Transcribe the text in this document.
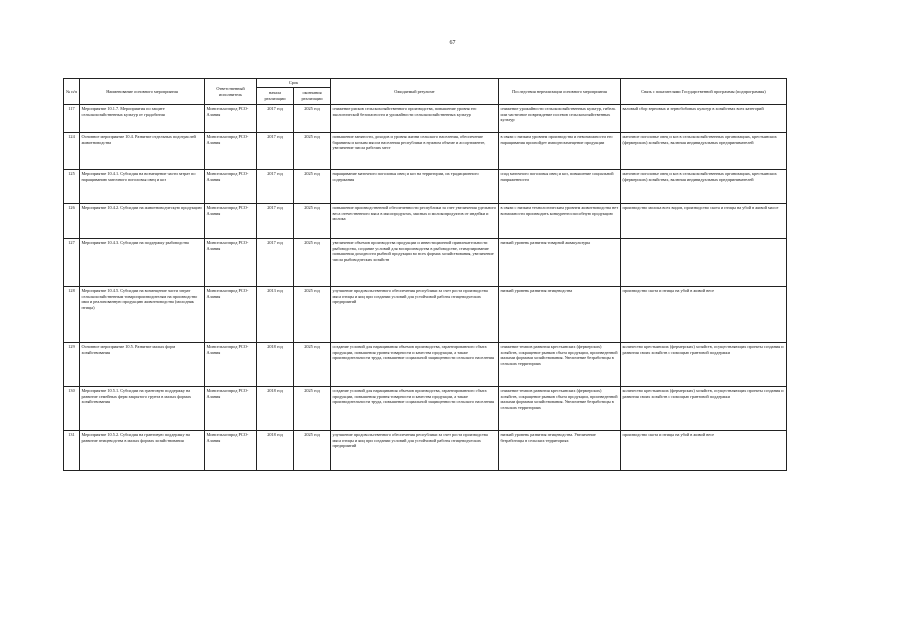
67
№ п/п	Наименование основного мероприятия	Ответственный исполнитель	Срок		Ожидаемый результат	Последствия нереализации основного мероприятия	Связь с показателями Государственной программы (подпрограммы)
			начала реализации	окончания реализации			
117	Мероприятие 10.1.7. Мероприятия по защите сельскохозяйственных культур от градобития	Минсельхозпрод РСО-Алания	2017 год	2025 год	снижение рисков сельскохозяйственного производства, повышение уровня его экологической безопасности и урожайности сельскохозяйственных культур	снижение урожайности сельскохозяйственных культур, гибель или частичное повреждение посевов сельскохозяйственных культур	валовый сбор зерновых и зернобобовых культур в хозяйствах всех категорий
124	Основное мероприятие 10.4. Развитие отдельных подотраслей животноводства	Минсельхозпрод РСО-Алания	2017 год	2025 год	повышение занятости, доходов и уровня жизни сельского населения, обеспечение баранины и козьим мясом населения республики в нужном объеме и ассортименте, увеличение числа рабочих мест	в связи с низким уровнем производства и невозможности его наращивания произойдет импортозамещение продукции	маточное поголовье овец и коз в сельскохозяйственных организациях, крестьянских (фермерских) хозяйствах, включая индивидуальных предпринимателей
125	Мероприятие 10.4.1. Субсидия на возмещение части затрат по наращиванию маточного поголовья овец и коз	Минсельхозпрод РСО-Алания	2017 год	2025 год	наращивание маточного поголовья овец и коз на территории, их традиционного содержания	спад маточного поголовья овец и коз, повышение социальной напряженности	маточное поголовье овец и коз в сельскохозяйственных организациях, крестьянских (фермерских) хозяйствах, включая индивидуальных предпринимателей
126	Мероприятие 10.4.2. Субсидии на животноводческую продукцию	Минсельхозпрод РСО-Алания	2017 год	2025 год	повышение производственной обеспеченности республики за счет увеличения удельного веса отечественного мяса в мясопродуктах, мясных и молокопродуктов от индейки и молока	в связи с низким технологическим уровнем животноводства нет возможности производить конкурентоспособную продукцию	производство молока всех видов, производство скота и птицы на убой в живой массе
127	Мероприятие 10.4.3. Субсидии на поддержку рыбоводства	Минсельхозпрод РСО-Алания	2017 год	2025 год	увеличение объемов производства продукции и инвестиционной привлекательности рыбоводства, создание условий для воспроизводства в рыбоводстве, стимулирование повышения доходности рыбной продукции во всех формах хозяйствования, увеличение числа рыбоводческих хозяйств	низкий уровень развития товарной аквакультуры	
128	Мероприятие 10.4.5. Субсидии на возмещение части затрат сельскохозяйственным товаропроизводителям на производство ими и реализованную продукцию животноводства (молодняк птицы)	Минсельхозпрод РСО-Алания	2013 год	2025 год	улучшение продовольственного обеспечения республики за счет роста производства мяса птицы и яиц при создании условий для устойчивой работы птицеводческих предприятий	низкий уровень развития птицеводства	производство скота и птицы на убой в живой весе
129	Основное мероприятие 10.5. Развитие малых форм хозяйствования	Минсельхозпрод РСО-Алания	2018 год	2025 год	создание условий для наращивания объемов производства, гарантированного сбыта продукции, повышения уровня товарности и качества продукции, а также производительности труда, повышение социальной защищенности сельского населения	снижение темпов развития крестьянских (фермерских) хозяйств, сокращение рынков сбыта продукции, произведенной малыми формами хозяйствования. Увеличение безработицы в сельских территориях	количество крестьянских (фермерских) хозяйств, осуществляющих проекты создания и развития своих хозяйств с помощью грантовой поддержки
130	Мероприятие 10.5.1. Субсидии на грантовую поддержку на развитие семейных ферм закрытого грунта в малых формах хозяйствования	Минсельхозпрод РСО-Алания	2018 год	2025 год	создание условий для наращивания объемов производства, гарантированного сбыта продукции, повышения уровня товарности и качества продукции, а также производительности труда, повышение социальной защищенности сельского населения	снижение темпов развития крестьянских (фермерских) хозяйств, сокращение рынков сбыта продукции, произведенной малыми формами хозяйствования. Увеличение безработицы в сельских территориях	количество крестьянских (фермерских) хозяйств, осуществляющих проекты создания и развития своих хозяйств с помощью грантовой поддержки
131	Мероприятие 10.5.2. Субсидия на грантовую поддержку на развитие птицеводства в малых формах хозяйствования	Минсельхозпрод РСО-Алания	2018 год	2025 год	улучшение продовольственного обеспечения республики за счет роста производства мяса птицы и яиц при создании условий для устойчивой работы птицеводческих предприятий	низкий уровень развития птицеводства. Увеличение безработицы в сельских территориях	производство скота и птицы на убой в живой весе
